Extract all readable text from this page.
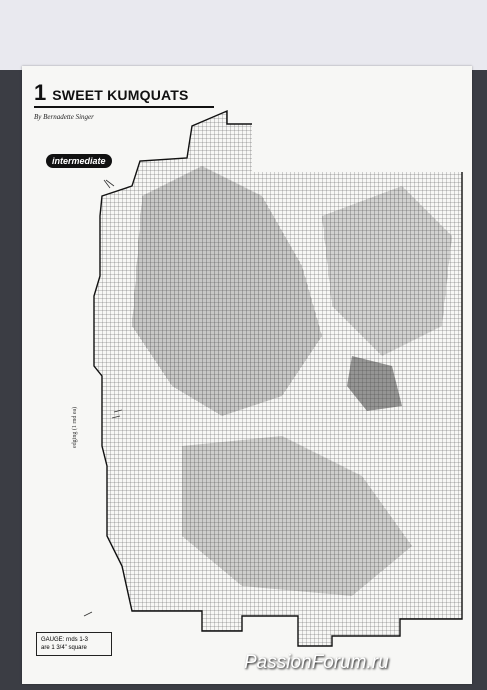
1 SWEET KUMQUATS
By Bernadette Singer
intermediate
edging (1 rnd ea)
GAUGE: rnds 1-3
are 1 3/4" square
PassionForum.ru
